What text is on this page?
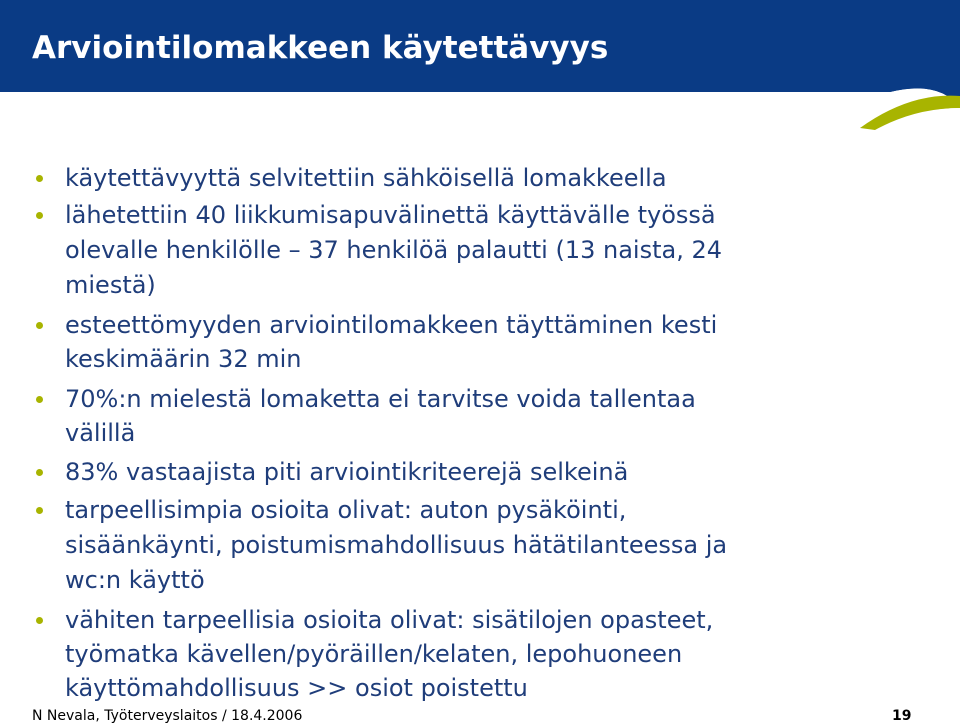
Arviointilomakkeen käytettävyys
käytettävyyttä selvitettiin sähköisellä lomakkeella
lähetettiin 40 liikkumisapuvälinettä käyttävälle työssä
olevalle henkilölle – 37 henkilöä palautti (13 naista, 24
miestä)
esteettömyyden arviointilomakkeen täyttäminen kesti
keskimäärin 32 min
70%:n mielestä lomaketta ei tarvitse voida tallentaa
välillä
83% vastaajista piti arviointikriteerejä selkeinä
tarpeellisimpia osioita olivat: auton pysäköinti,
sisäänkäynti, poistumismahdollisuus hätätilanteessa ja
wc:n käyttö
vähiten tarpeellisia osioita olivat: sisätilojen opasteet,
työmatka kävellen/pyöräillen/kelaten, lepohuoneen
käyttömahdollisuus >> osiot poistettu
N Nevala, Työterveyslaitos / 18.4.2006	19
